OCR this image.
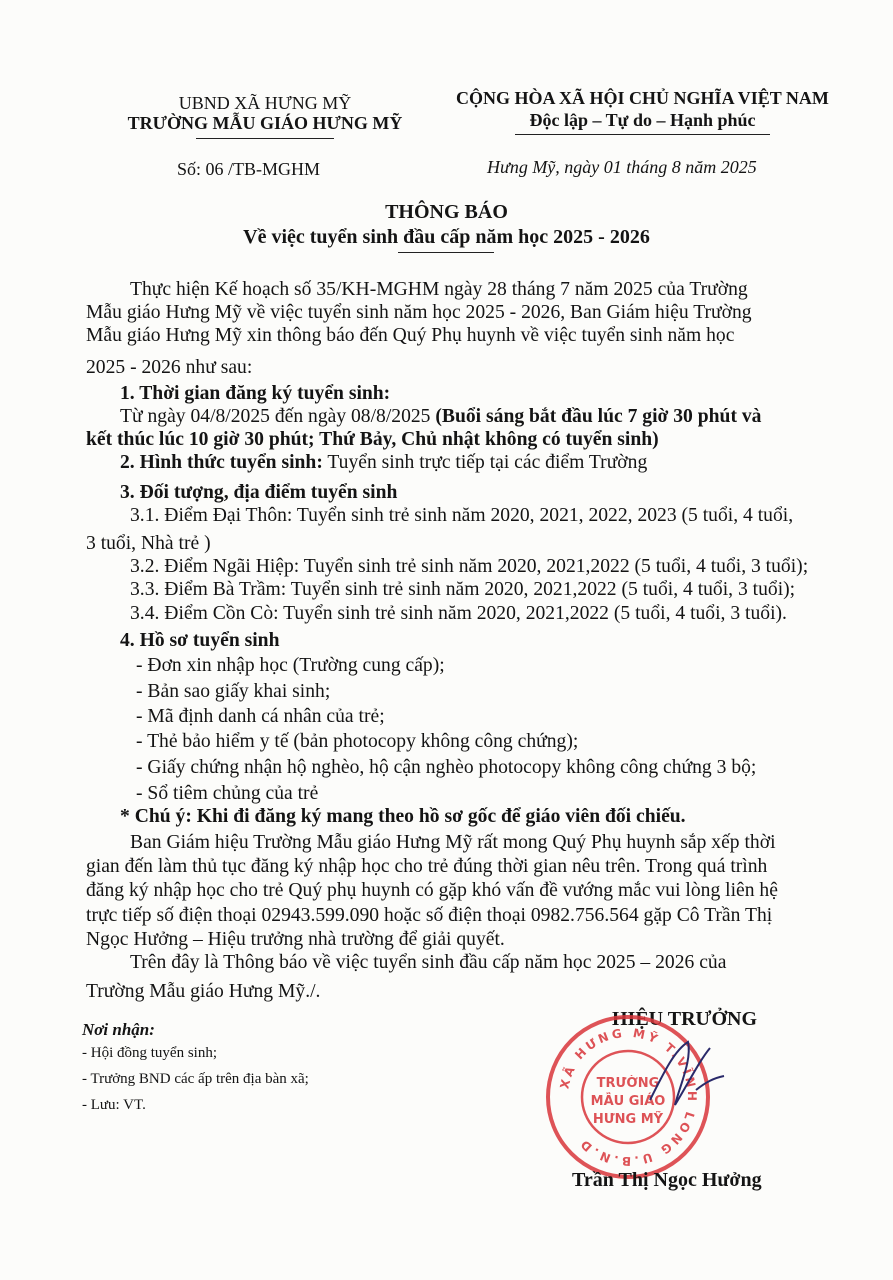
UBND XÃ HƯNG MỸ
TRƯỜNG MẪU GIÁO HƯNG MỸ
CỘNG HÒA XÃ HỘI CHỦ NGHĨA VIỆT NAM
Độc lập – Tự do – Hạnh phúc
Số: 06 /TB-MGHM	Hưng Mỹ, ngày 01 tháng 8 năm 2025
THÔNG BÁO
Về việc tuyển sinh đầu cấp năm học 2025 - 2026
Thực hiện Kế hoạch số 35/KH-MGHM ngày 28 tháng 7 năm 2025 của Trường
Mẫu giáo Hưng Mỹ về việc tuyển sinh năm học 2025 - 2026, Ban Giám hiệu Trường
Mẫu giáo Hưng Mỹ xin thông báo đến Quý Phụ huynh về việc tuyển sinh năm học
2025 - 2026 như sau:
1. Thời gian đăng ký tuyển sinh:
Từ ngày 04/8/2025 đến ngày 08/8/2025 (Buổi sáng bắt đầu lúc 7 giờ 30 phút và
kết thúc lúc 10 giờ 30 phút; Thứ Bảy, Chủ nhật không có tuyển sinh)
2. Hình thức tuyển sinh: Tuyển sinh trực tiếp tại các điểm Trường
3. Đối tượng, địa điểm tuyển sinh
3.1. Điểm Đại Thôn: Tuyển sinh trẻ sinh năm 2020, 2021, 2022, 2023 (5 tuổi, 4 tuổi,
3 tuổi, Nhà trẻ )
3.2. Điểm Ngãi Hiệp: Tuyển sinh trẻ sinh năm 2020, 2021,2022 (5 tuổi, 4 tuổi, 3 tuổi);
3.3. Điểm Bà Trầm: Tuyển sinh trẻ sinh năm 2020, 2021,2022 (5 tuổi, 4 tuổi, 3 tuổi);
3.4. Điểm Cồn Cò: Tuyển sinh trẻ sinh năm 2020, 2021,2022 (5 tuổi, 4 tuổi, 3 tuổi).
4. Hồ sơ tuyển sinh
- Đơn xin nhập học (Trường cung cấp);
- Bản sao giấy khai sinh;
- Mã định danh cá nhân của trẻ;
- Thẻ bảo hiểm y tế (bản photocopy không công chứng);
- Giấy chứng nhận hộ nghèo, hộ cận nghèo photocopy không công chứng 3 bộ;
- Sổ tiêm chủng của trẻ
* Chú ý: Khi đi đăng ký mang theo hồ sơ gốc để giáo viên đối chiếu.
Ban Giám hiệu Trường Mẫu giáo Hưng Mỹ rất mong Quý Phụ huynh sắp xếp thời
gian đến làm thủ tục đăng ký nhập học cho trẻ đúng thời gian nêu trên. Trong quá trình
đăng ký nhập học cho trẻ Quý phụ huynh có gặp khó vấn đề vướng mắc vui lòng liên hệ
trực tiếp số điện thoại 02943.599.090 hoặc số điện thoại 0982.756.564 gặp Cô Trần Thị
Ngọc Hưởng – Hiệu trưởng nhà trường để giải quyết.
Trên đây là Thông báo về việc tuyển sinh đầu cấp năm học 2025 – 2026 của
Trường Mẫu giáo Hưng Mỹ./.
Nơi nhận:
- Hội đồng tuyển sinh;
- Trưởng BND các ấp trên địa bàn xã;
- Lưu: VT.
HIỆU TRƯỞNG
XÃ HƯNG MỸ T.VĨNH LONG U.B.N.D
TRƯỜNG
MẪU GIÁO
HƯNG MỸ
Trần Thị Ngọc Hưởng
